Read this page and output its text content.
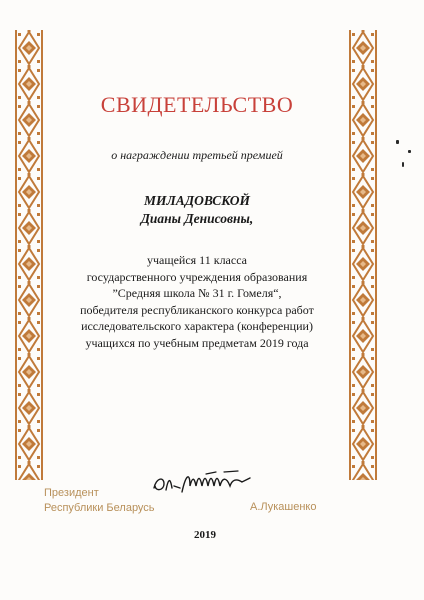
СВИДЕТЕЛЬСТВО
о награждении третьей премией
МИЛАДОВСКОЙ
Дианы Денисовны,
учащейся 11 класса
государственного учреждения образования
”Средняя школа № 31 г. Гомеля“,
победителя республиканского конкурса работ
исследовательского характера (конференции)
учащихся по учебным предметам 2019 года
Президент
Республики Беларусь	А.Лукашенко
2019
